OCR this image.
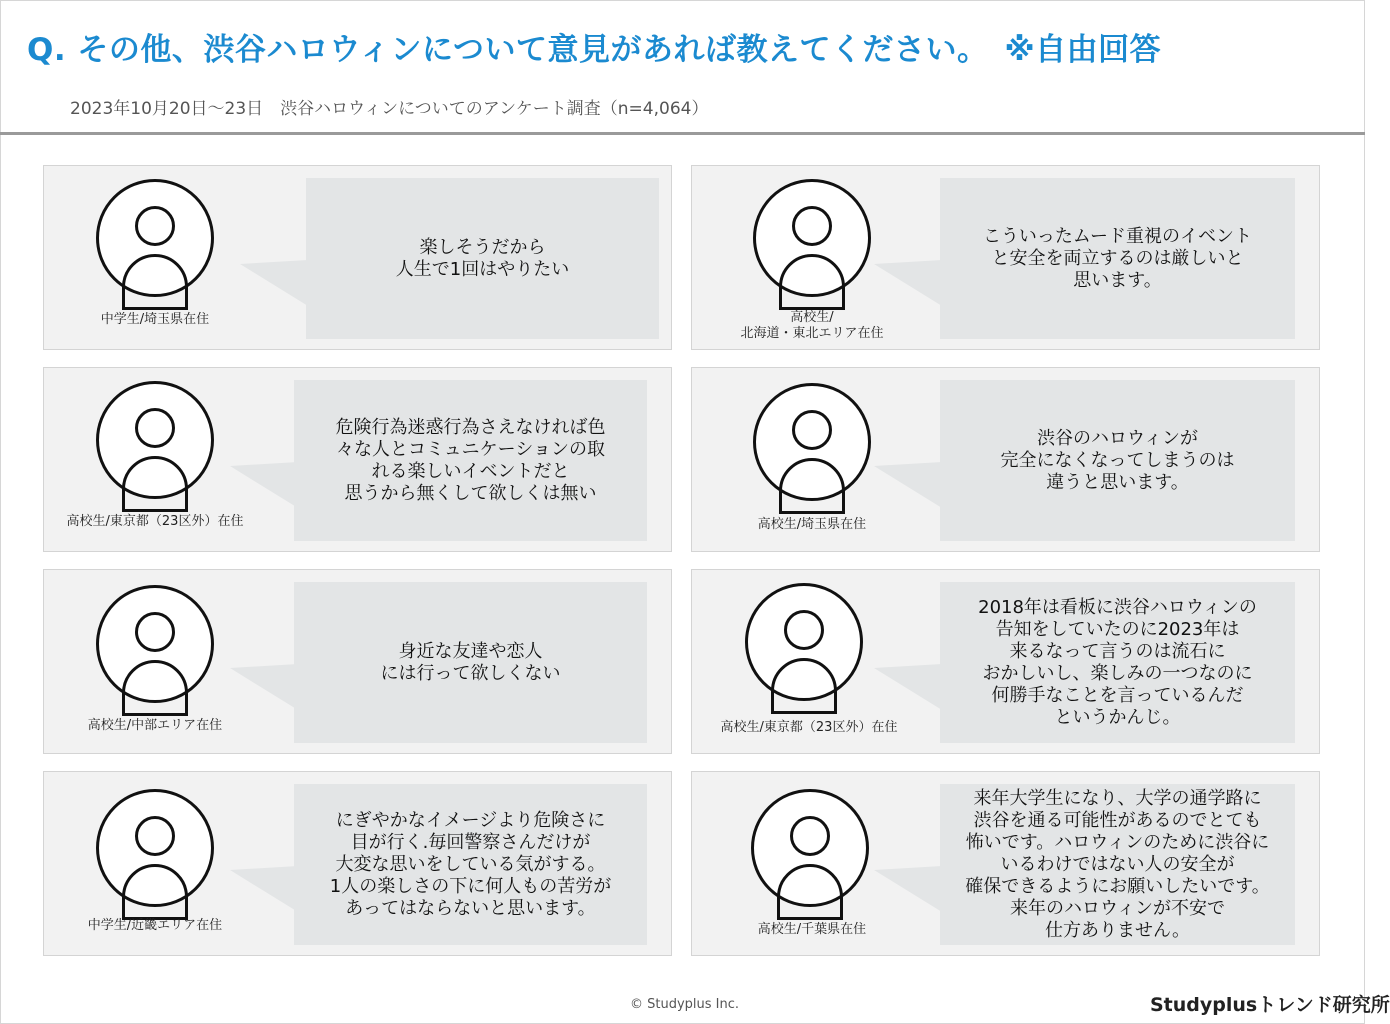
Q. その他、渋谷ハロウィンについて意見があれば教えてください。　※自由回答
2023年10月20日～23日　渋谷ハロウィンについてのアンケート調査（n=4,064）
中学生/埼玉県在住
楽しそうだから
人生で1回はやりたい
高校生/
北海道・東北エリア在住
こういったムード重視のイベント
と安全を両立するのは厳しいと
思います。
高校生/東京都（23区外）在住
危険行為迷惑行為さえなければ色
々な人とコミュニケーションの取
れる楽しいイベントだと
思うから無くして欲しくは無い
高校生/埼玉県在住
渋谷のハロウィンが
完全になくなってしまうのは
違うと思います。
高校生/中部エリア在住
身近な友達や恋人
には行って欲しくない
高校生/東京都（23区外）在住
2018年は看板に渋谷ハロウィンの
告知をしていたのに2023年は
来るなって言うのは流石に
おかしいし、楽しみの一つなのに
何勝手なことを言っているんだ
というかんじ。
中学生/近畿エリア在住
にぎやかなイメージより危険さに
目が行く.毎回警察さんだけが
大変な思いをしている気がする。
1人の楽しさの下に何人もの苦労が
あってはならないと思います。
高校生/千葉県在住
来年大学生になり、大学の通学路に
渋谷を通る可能性があるのでとても
怖いです。ハロウィンのために渋谷に
いるわけではない人の安全が
確保できるようにお願いしたいです。
来年のハロウィンが不安で
仕方ありません。
© Studyplus Inc.	Studyplusトレンド研究所
